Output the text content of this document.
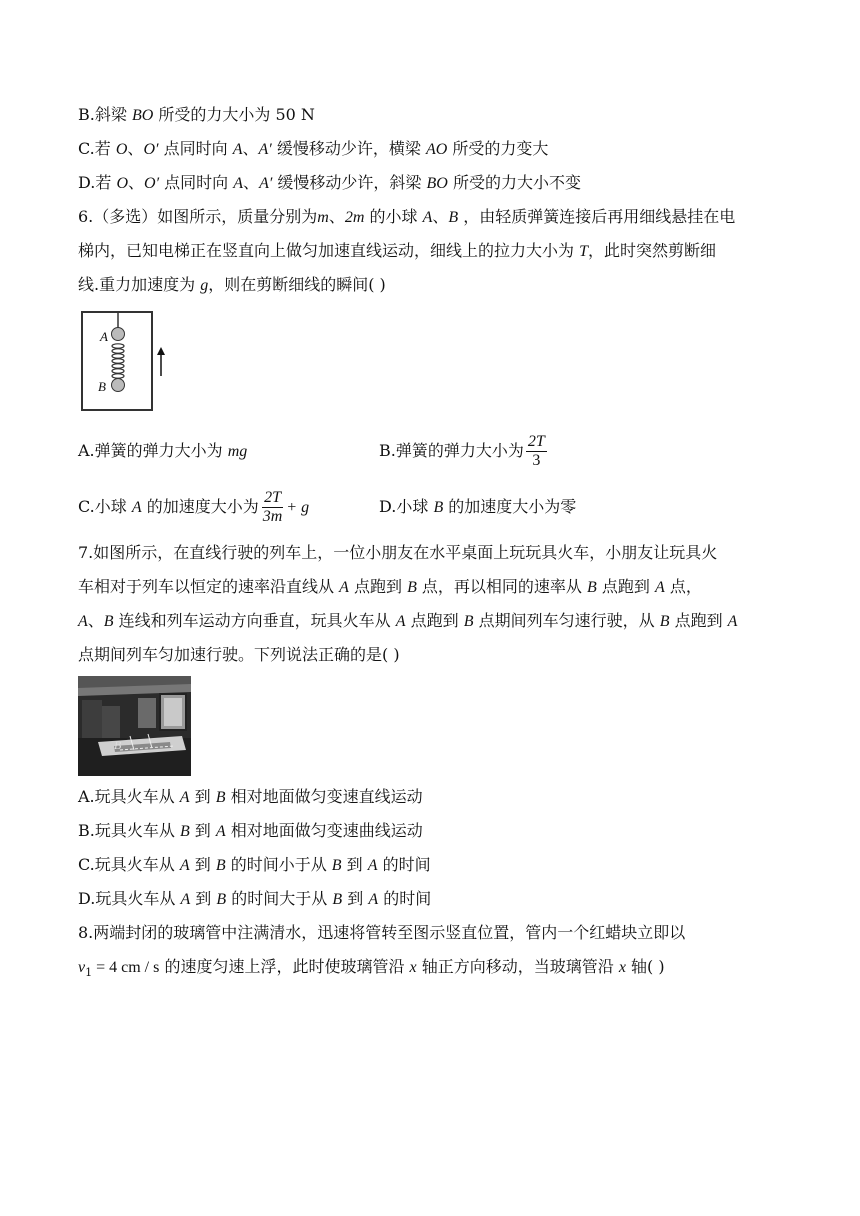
B.斜梁 BO 所受的力大小为 50 N
C.若 O、O′ 点同时向 A、A′ 缓慢移动少许，横梁 AO 所受的力变大
D.若 O、O′ 点同时向 A、A′ 缓慢移动少许，斜梁 BO 所受的力大小不变
6.（多选）如图所示，质量分别为m、2m 的小球 A、B ，由轻质弹簧连接后再用细线悬挂在电
梯内，已知电梯正在竖直向上做匀加速直线运动，细线上的拉力大小为 T，此时突然剪断细
线.重力加速度为 g，则在剪断细线的瞬间( )
A
B
A.弹簧的弹力大小为 mg	B.弹簧的弹力大小为 $\frac{2T}{3}$
C.小球 A 的加速度大小为 $\frac{2T}{3m} + g$	D.小球 B 的加速度大小为零
7.如图所示，在直线行驶的列车上，一位小朋友在水平桌面上玩玩具火车，小朋友让玩具火
车相对于列车以恒定的速率沿直线从 A 点跑到 B 点，再以相同的速率从 B 点跑到 A 点，
A、B 连线和列车运动方向垂直，玩具火车从 A 点跑到 B 点期间列车匀速行驶，从 B 点跑到 A
点期间列车匀加速行驶。下列说法正确的是( )
B
A.玩具火车从 A 到 B 相对地面做匀变速直线运动
B.玩具火车从 B 到 A 相对地面做匀变速曲线运动
C.玩具火车从 A 到 B 的时间小于从 B 到 A 的时间
D.玩具火车从 A 到 B 的时间大于从 B 到 A 的时间
8.两端封闭的玻璃管中注满清水，迅速将管转至图示竖直位置，管内一个红蜡块立即以
$v_1 = 4$ cm / s 的速度匀速上浮，此时使玻璃管沿 x 轴正方向移动，当玻璃管沿 x 轴( )
